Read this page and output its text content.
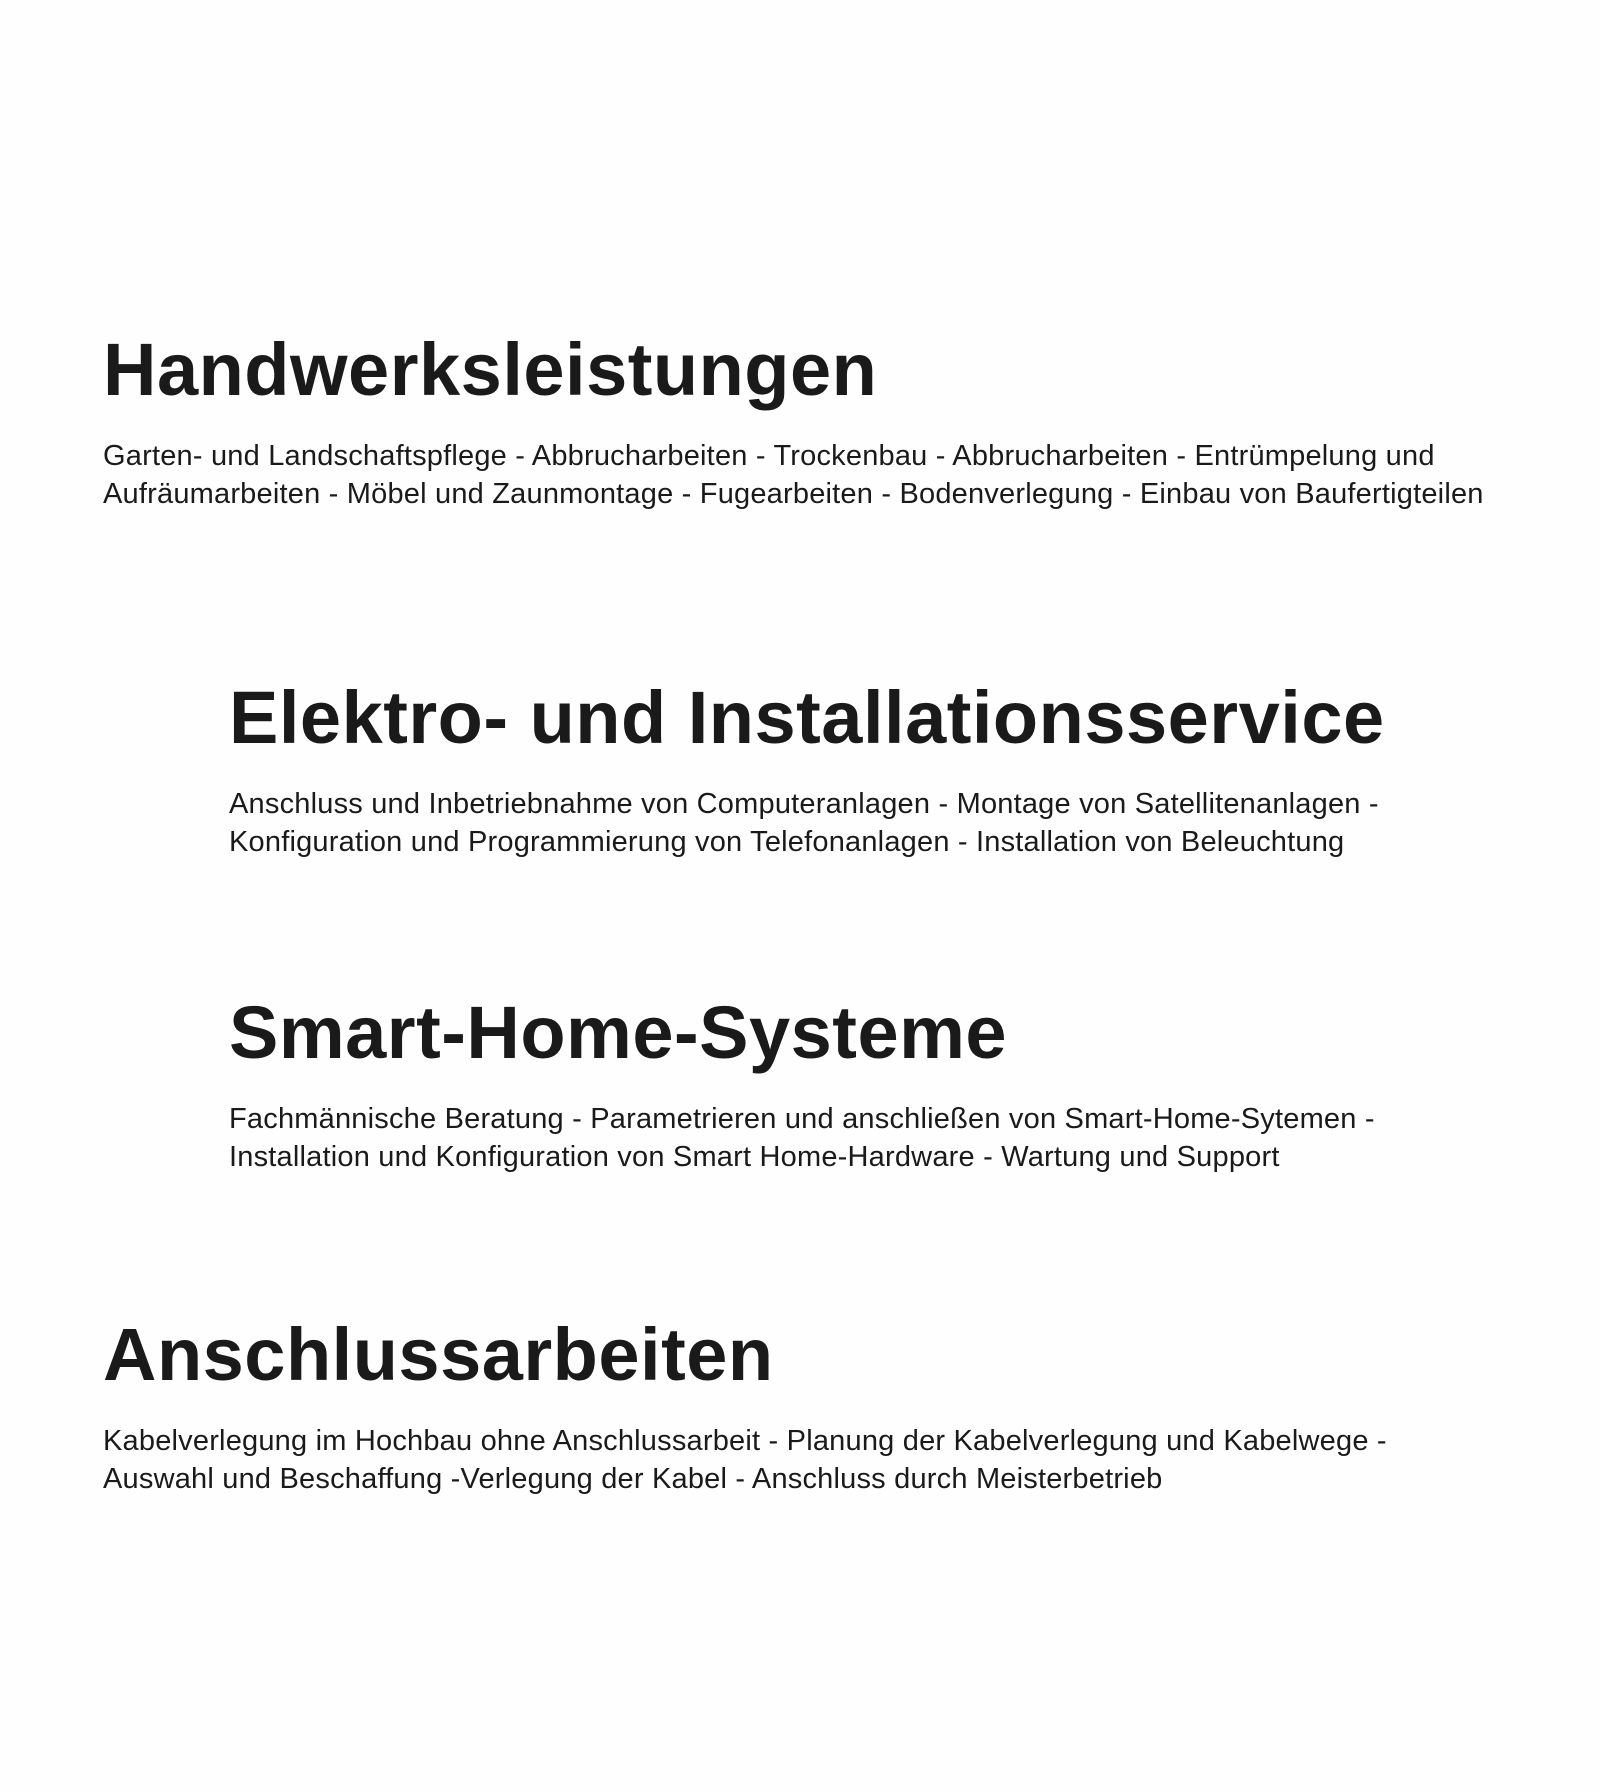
Handwerksleistungen
Garten- und Landschaftspflege - Abbrucharbeiten - Trockenbau - Abbrucharbeiten - Entrümpelung und
Aufräumarbeiten - Möbel und Zaunmontage - Fugearbeiten - Bodenverlegung - Einbau von Baufertigteilen
Elektro- und Installationsservice
Anschluss und Inbetriebnahme von Computeranlagen - Montage von Satellitenanlagen -
Konfiguration und Programmierung von Telefonanlagen - Installation von Beleuchtung
Smart-Home-Systeme
Fachmännische Beratung - Parametrieren und anschließen von Smart-Home-Sytemen -
Installation und Konfiguration von Smart Home-Hardware - Wartung und Support
Anschlussarbeiten
Kabelverlegung im Hochbau ohne Anschlussarbeit - Planung der Kabelverlegung und Kabelwege -
Auswahl und Beschaffung -Verlegung der Kabel - Anschluss durch Meisterbetrieb
